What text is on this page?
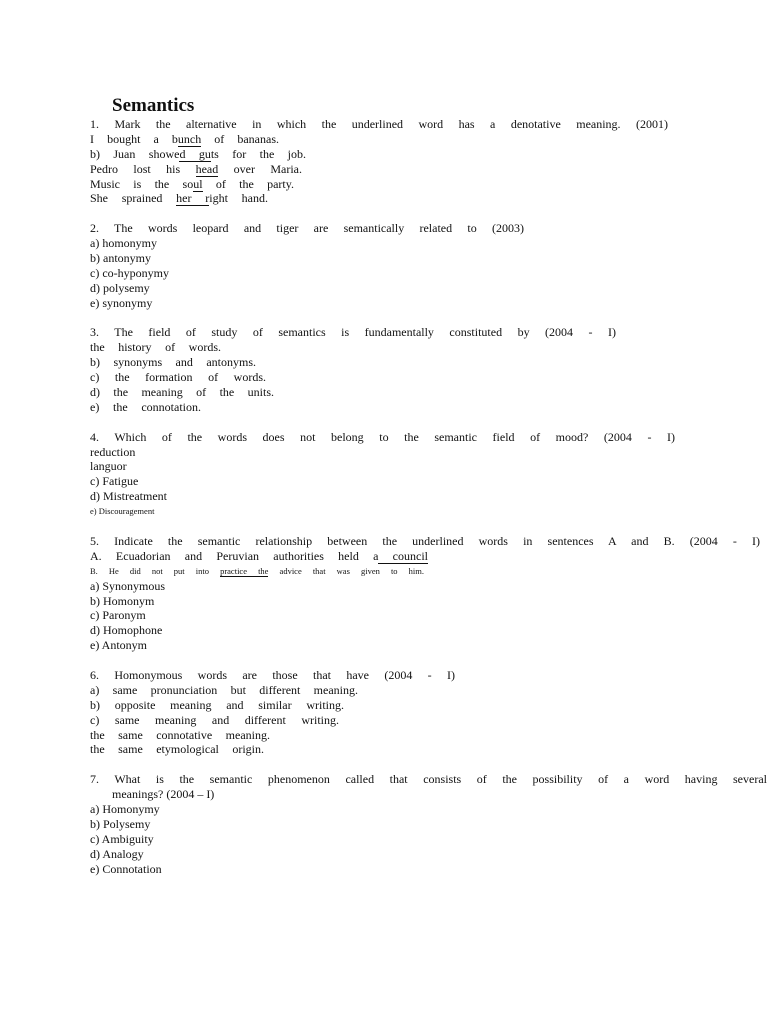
Semantics
1. Mark the alternative in which the underlined word has a denotative meaning. (2001)
I bought a bunch of bananas.
b) Juan showed guts for the job.
Pedro lost his head over Maria.
Music is the soul of the party.
She sprained her right hand.
2. The words leopard and tiger are semantically related to (2003)
a) homonymy
b) antonymy
c) co-hyponymy
d) polysemy
e) synonymy
3. The field of study of semantics is fundamentally constituted by (2004 - I)
the history of words.
b) synonyms and antonyms.
c) the formation of words.
d) the meaning of the units.
e) the connotation.
4. Which of the words does not belong to the semantic field of mood? (2004 - I)
reduction
languor
c) Fatigue
d) Mistreatment
e) Discouragement
5. Indicate the semantic relationship between the underlined words in sentences A and B. (2004 - I)
A. Ecuadorian and Peruvian authorities held a council
B. He did not put into practice the advice that was given to him.
a) Synonymous
b) Homonym
c) Paronym
d) Homophone
e) Antonym
6. Homonymous words are those that have (2004 - I)
a) same pronunciation but different meaning.
b) opposite meaning and similar writing.
c) same meaning and different writing.
the same connotative meaning.
the same etymological origin.
7. What is the semantic phenomenon called that consists of the possibility of a word having several
meanings? (2004 – I)
a) Homonymy
b) Polysemy
c) Ambiguity
d) Analogy
e) Connotation
